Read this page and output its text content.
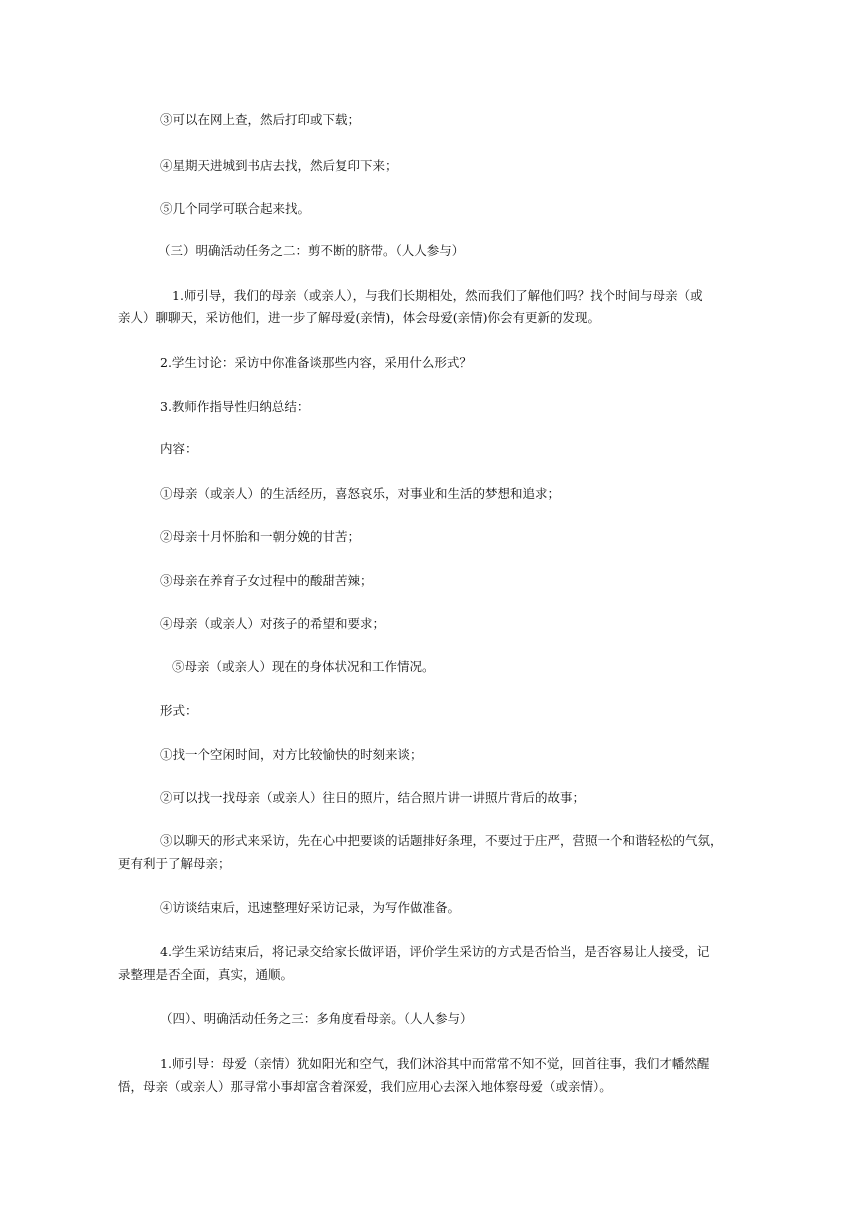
③可以在网上查，然后打印或下载；

④星期天进城到书店去找，然后复印下来；

⑤几个同学可联合起来找。

（三）明确活动任务之二：剪不断的脐带。（人人参与）

1.师引导，我们的母亲（或亲人），与我们长期相处，然而我们了解他们吗？找个时间与母亲（或

亲人）聊聊天，采访他们，进一步了解母爱(亲情)，体会母爱(亲情)你会有更新的发现。

2.学生讨论：采访中你准备谈那些内容，采用什么形式？

3.教师作指导性归纳总结：

内容：

①母亲（或亲人）的生活经历，喜怒哀乐，对事业和生活的梦想和追求；

②母亲十月怀胎和一朝分娩的甘苦；

③母亲在养育子女过程中的酸甜苦辣；

④母亲（或亲人）对孩子的希望和要求；

⑤母亲（或亲人）现在的身体状况和工作情况。

形式：

①找一个空闲时间，对方比较愉快的时刻来谈；

②可以找一找母亲（或亲人）往日的照片，结合照片讲一讲照片背后的故事；

③以聊天的形式来采访，先在心中把要谈的话题排好条理，不要过于庄严，营照一个和谐轻松的气氛，

更有利于了解母亲；

④访谈结束后，迅速整理好采访记录，为写作做准备。

4.学生采访结束后，将记录交给家长做评语，评价学生采访的方式是否恰当，是否容易让人接受，记

录整理是否全面，真实，通顺。

（四）、明确活动任务之三：多角度看母亲。（人人参与）

1.师引导：母爱（亲情）犹如阳光和空气，我们沐浴其中而常常不知不觉，回首往事，我们才幡然醒

悟，母亲（或亲人）那寻常小事却富含着深爱，我们应用心去深入地体察母爱（或亲情）。
